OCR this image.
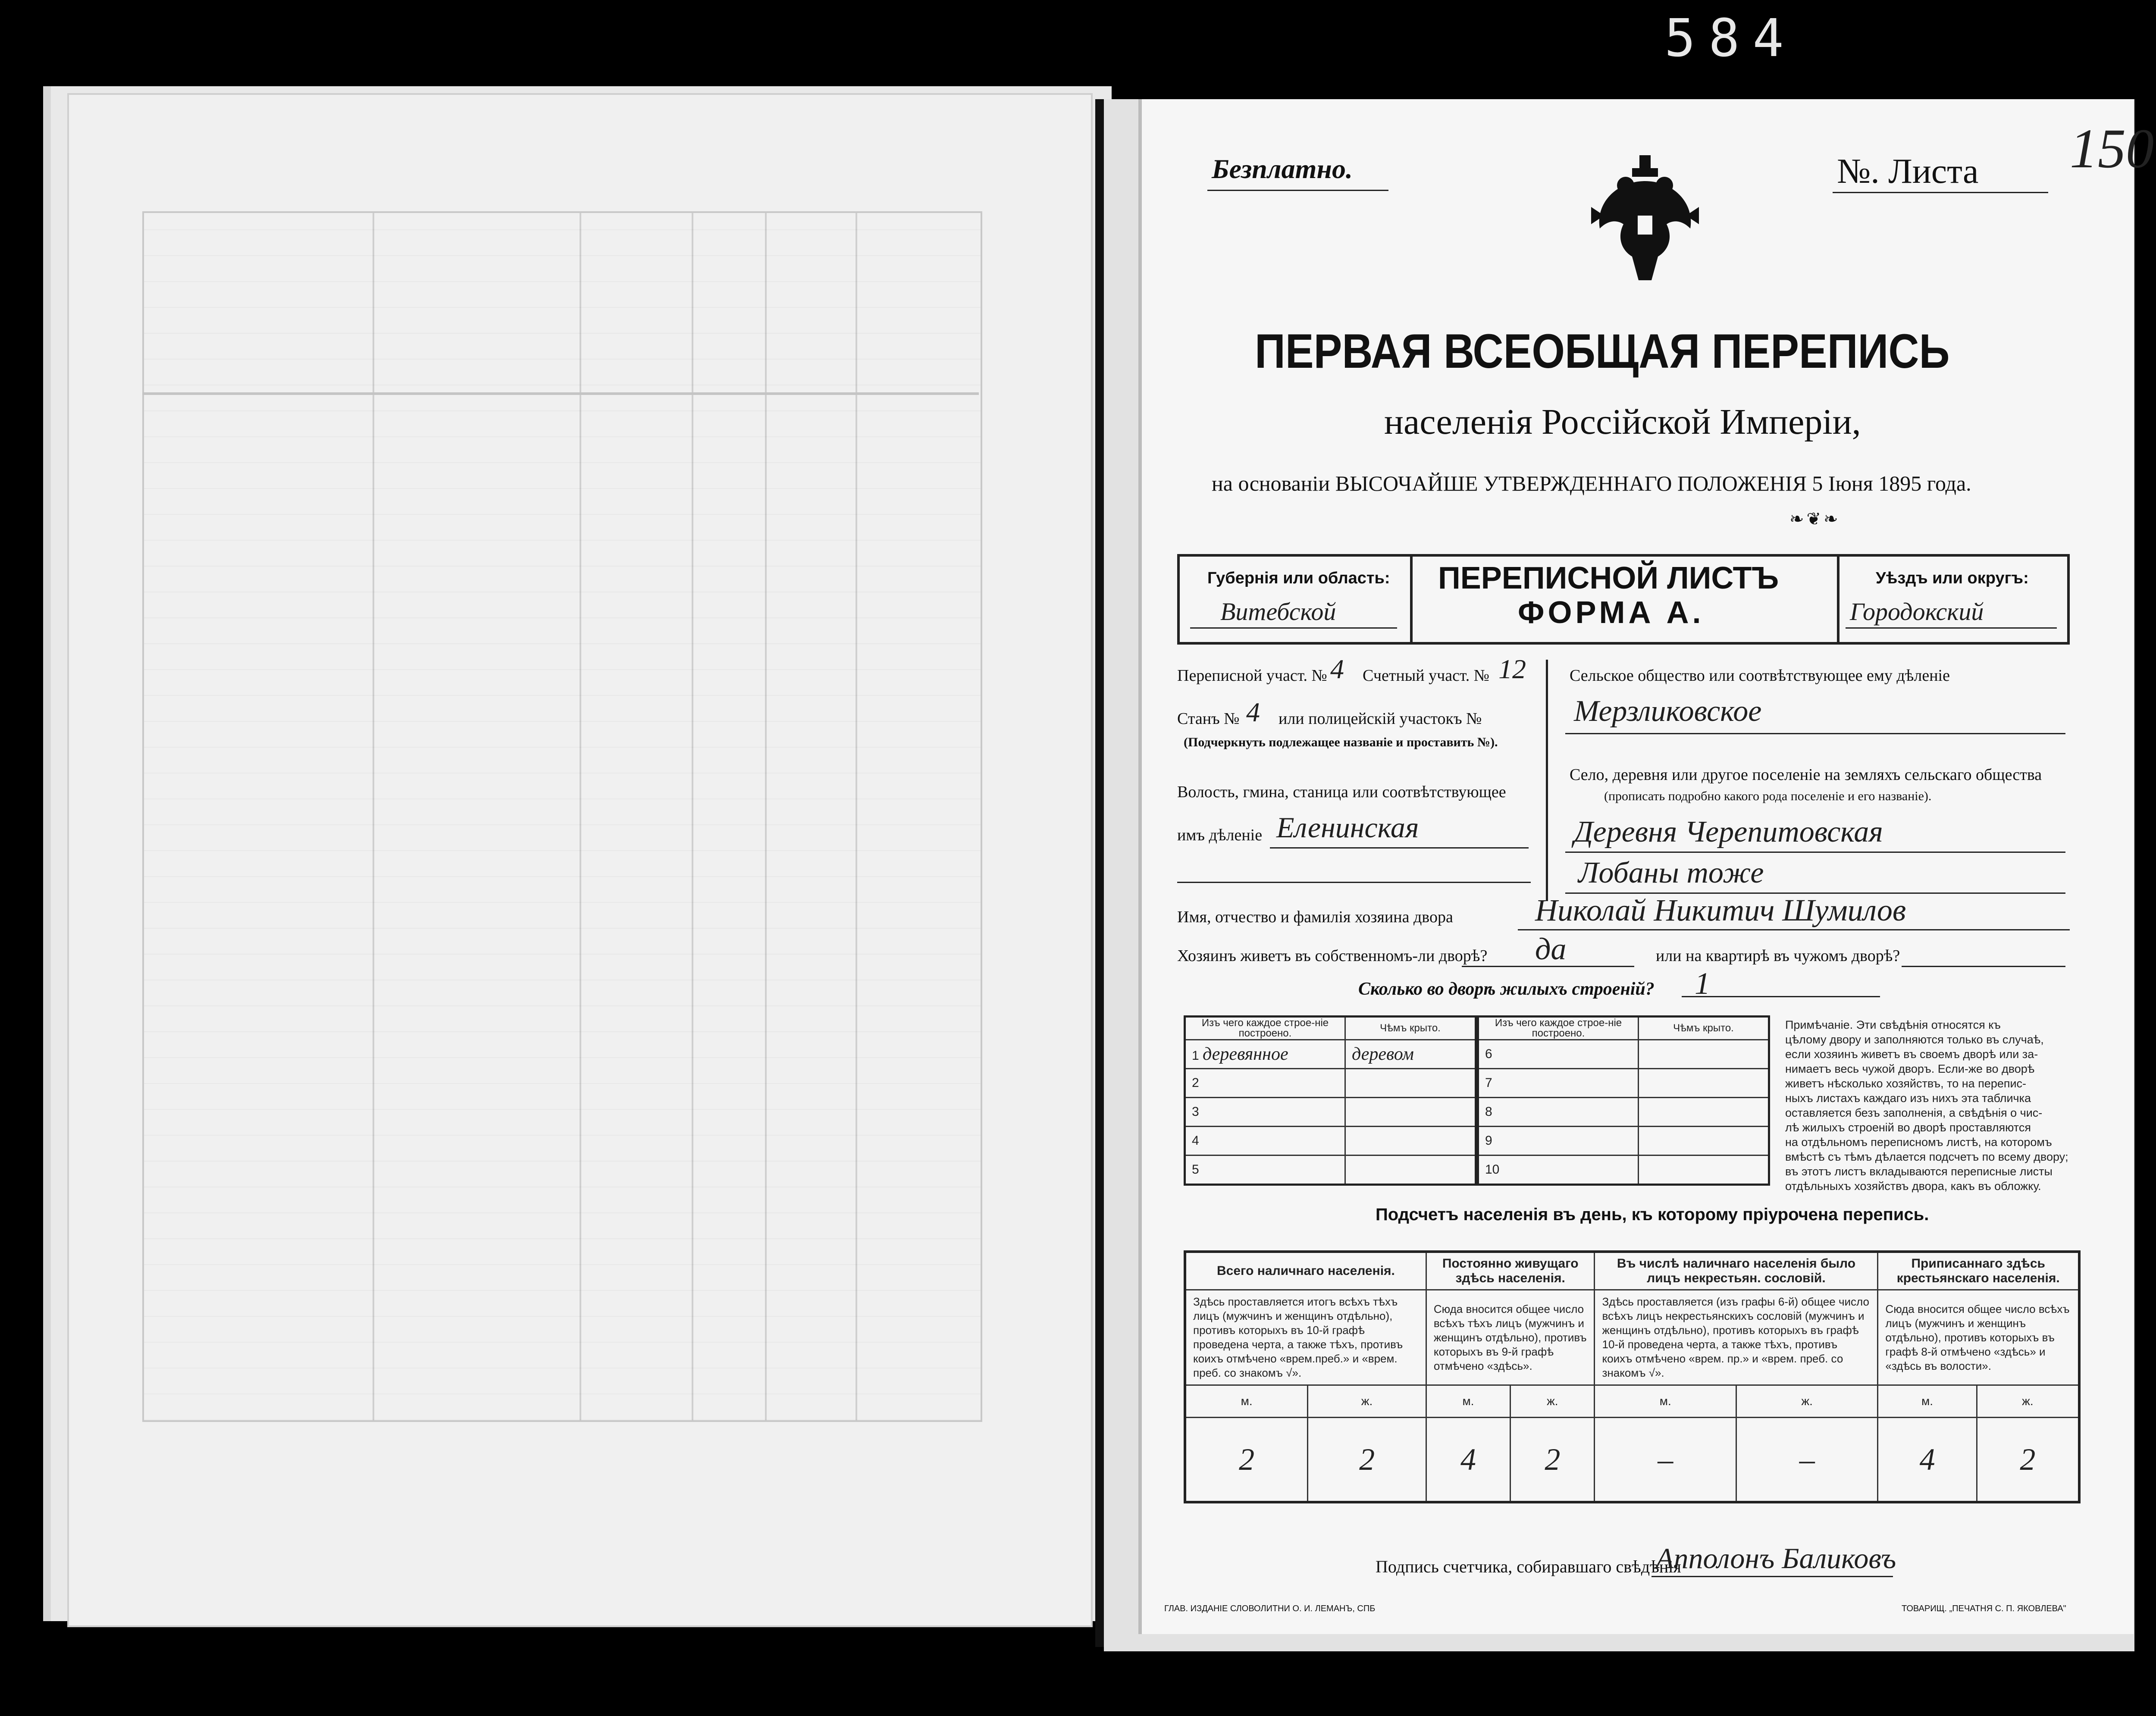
584
150
Безплатно.	№. Листа
ПЕРВАЯ ВСЕОБЩАЯ ПЕРЕПИСЬ
населенія Россійской Имперіи,
на основаніи ВЫСОЧАЙШЕ УТВЕРЖДЕННАГО ПОЛОЖЕНІЯ 5 Іюня 1895 года.
❧❦❧
Губернія или область:
Витебской
ПЕРЕПИСНОЙ ЛИСТЪ
ФОРМА А.
Уѣздъ или округъ:
Городокский
Переписной участ. № 4 Счетный участ. № 12
Станъ № 4 или полицейскій участокъ №
(Подчеркнуть подлежащее названіе и проставить №).
Волость, гмина, станица или соотвѣтствующее
имъ дѣленіе Еленинская
Сельское общество или соотвѣтствующее ему дѣленіе
Мерзликовское
Село, деревня или другое поселеніе на земляхъ сельскаго общества
(прописать подробно какого рода поселеніе и его названіе).
Деревня Черепитовская
Лобаны тоже
Имя, отчество и фамилія хозяина двора	Николай Никитич Шумилов
Хозяинъ живетъ въ собственномъ-ли дворѣ? да	или на квартирѣ въ чужомъ дворѣ?
Сколько во дворѣ жилыхъ строеній? 1
Изъ чего каждое строе-ніе построено.	Чѣмъ крыто.
1 деревянное	деревом
2	
3	
4	
5	
Изъ чего каждое строе-ніе построено.	Чѣмъ крыто.
6	
7	
8	
9	
10	
Примѣчаніе. Эти свѣдѣнія относятся къ
цѣлому двору и заполняются только въ случаѣ,
если хозяинъ живетъ въ своемъ дворѣ или за-
нимаетъ весь чужой дворъ. Если-же во дворѣ
живетъ нѣсколько хозяйствъ, то на перепис-
ныхъ листахъ каждаго изъ нихъ эта табличка
оставляется безъ заполненія, а свѣдѣнія о чис-
лѣ жилыхъ строеній во дворѣ проставляются
на отдѣльномъ переписномъ листѣ, на которомъ
вмѣстѣ съ тѣмъ дѣлается подсчетъ по всему двору;
въ этотъ листъ вкладываются переписные листы
отдѣльныхъ хозяйствъ двора, какъ въ обложку.
Подсчетъ населенія въ день, къ которому пріурочена перепись.
Всего наличнаго населенія.		Постоянно живущаго здѣсь населенія.		Въ числѣ наличнаго населенія было лицъ некрестьян. сословій.		Приписаннаго здѣсь крестьянскаго населенія.	
Здѣсь проставляется итогъ всѣхъ тѣхъ лицъ (мужчинъ и женщинъ отдѣльно), противъ которыхъ въ 10-й графѣ проведена черта, а также тѣхъ, противъ коихъ отмѣчено «врем.преб.» и «врем. преб. со знакомъ √».		Сюда вносится общее число всѣхъ тѣхъ лицъ (мужчинъ и женщинъ отдѣльно), противъ которыхъ въ 9-й графѣ отмѣчено «здѣсь».		Здѣсь проставляется (изъ графы 6-й) общее число всѣхъ лицъ некрестьянскихъ сословій (мужчинъ и женщинъ отдѣльно), противъ которыхъ въ графѣ 10-й проведена черта, а также тѣхъ, противъ коихъ отмѣчено «врем. пр.» и «врем. преб. со знакомъ √».		Сюда вносится общее число всѣхъ лицъ (мужчинъ и женщинъ отдѣльно), противъ которыхъ въ графѣ 8-й отмѣчено «здѣсь» и «здѣсь въ волости».	
м.	ж.	м.	ж.	м.	ж.	м.	ж.
2	2	4	2	–	–	4	2
Подпись счетчика, собиравшаго свѣдѣнія
Апполонъ Баликовъ
ГЛАВ. ИЗДАНІЕ СЛОВОЛИТНИ О. И. ЛЕМАНЪ, СПБ	ТОВАРИЩ. „ПЕЧАТНЯ С. П. ЯКОВЛЕВА"
